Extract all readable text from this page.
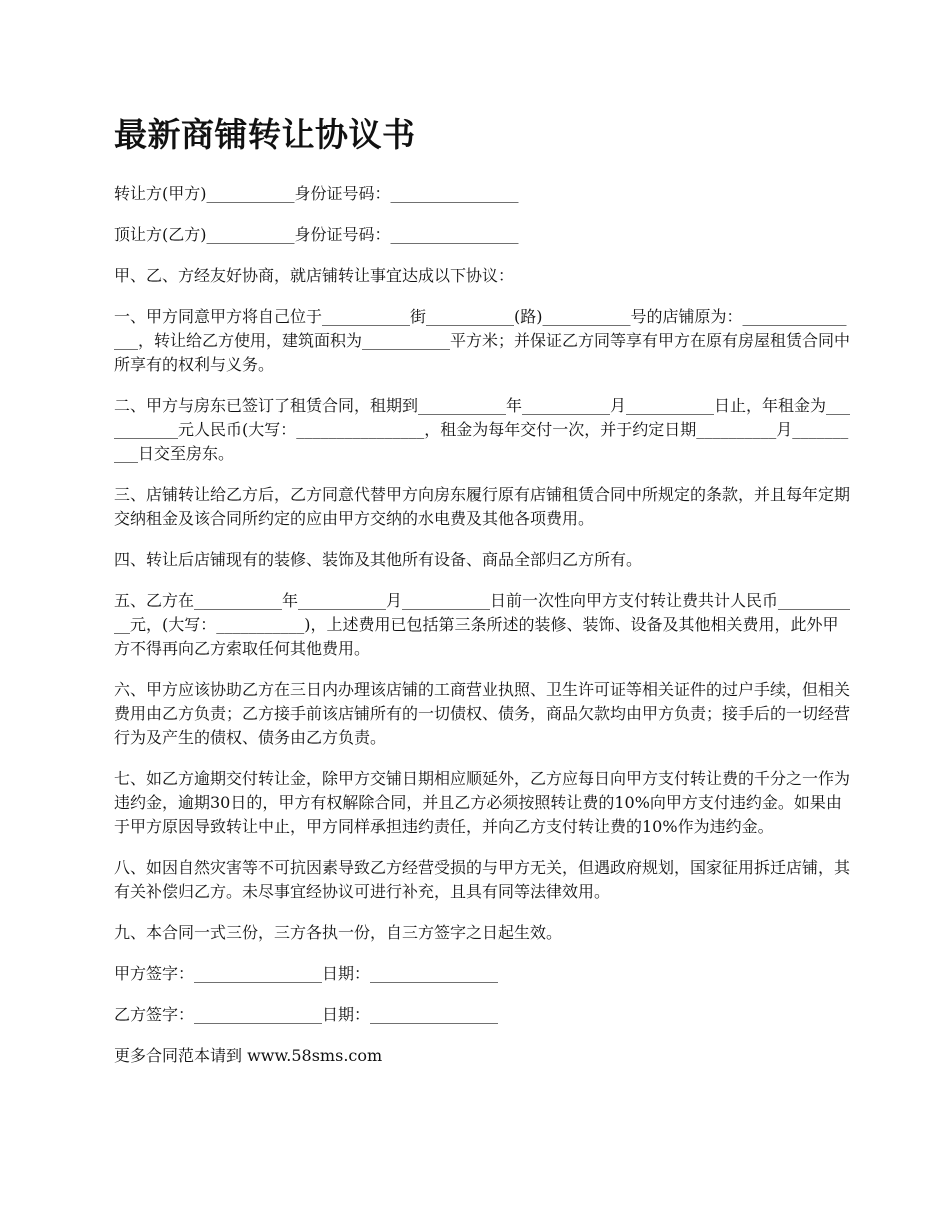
最新商铺转让协议书

转让方(甲方)___________身份证号码：________________

顶让方(乙方)___________身份证号码：________________

甲、乙、方经友好协商，就店铺转让事宜达成以下协议：

一、甲方同意甲方将自己位于___________街___________(路)___________号的店铺原为：________________，转让给乙方使用，建筑面积为___________平方米；并保证乙方同等享有甲方在原有房屋租赁合同中所享有的权利与义务。

二、甲方与房东已签订了租赁合同，租期到___________年___________月___________日止，年租金为___________元人民币(大写：________________，租金为每年交付一次，并于约定日期__________月__________日交至房东。

三、店铺转让给乙方后，乙方同意代替甲方向房东履行原有店铺租赁合同中所规定的条款，并且每年定期交纳租金及该合同所约定的应由甲方交纳的水电费及其他各项费用。

四、转让后店铺现有的装修、装饰及其他所有设备、商品全部归乙方所有。

五、乙方在___________年___________月___________日前一次性向甲方支付转让费共计人民币___________元，(大写：___________)，上述费用已包括第三条所述的装修、装饰、设备及其他相关费用，此外甲方不得再向乙方索取任何其他费用。

六、甲方应该协助乙方在三日内办理该店铺的工商营业执照、卫生许可证等相关证件的过户手续，但相关费用由乙方负责；乙方接手前该店铺所有的一切债权、债务，商品欠款均由甲方负责；接手后的一切经营行为及产生的债权、债务由乙方负责。

七、如乙方逾期交付转让金，除甲方交铺日期相应顺延外，乙方应每日向甲方支付转让费的千分之一作为违约金，逾期30日的，甲方有权解除合同，并且乙方必须按照转让费的10%向甲方支付违约金。如果由于甲方原因导致转让中止，甲方同样承担违约责任，并向乙方支付转让费的10%作为违约金。

八、如因自然灾害等不可抗因素导致乙方经营受损的与甲方无关，但遇政府规划，国家征用拆迁店铺，其有关补偿归乙方。未尽事宜经协议可进行补充，且具有同等法律效用。

九、本合同一式三份，三方各执一份，自三方签字之日起生效。

甲方签字：________________日期：________________

乙方签字：________________日期：________________

更多合同范本请到 www.58sms.com
